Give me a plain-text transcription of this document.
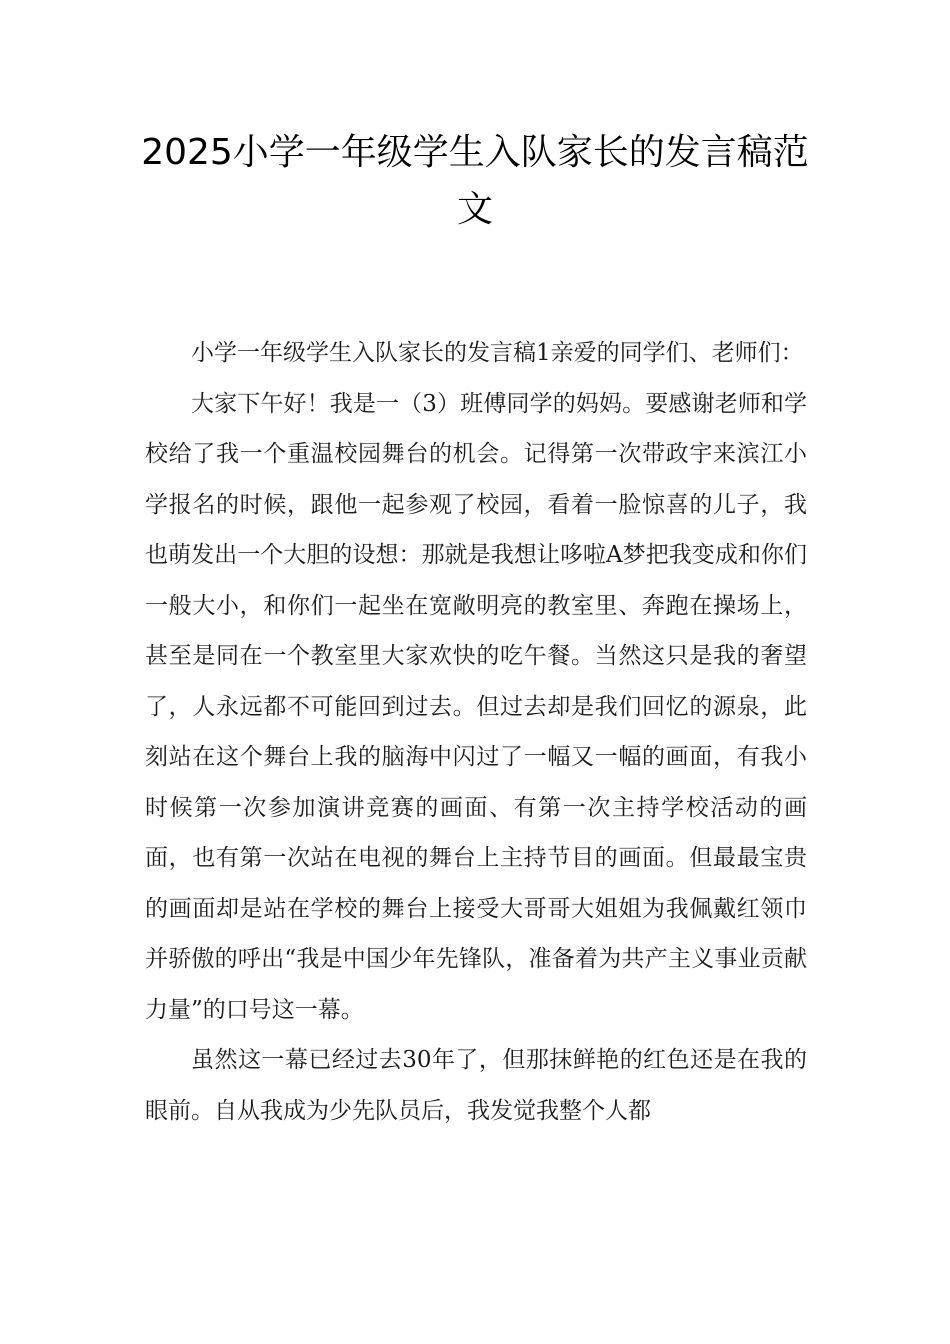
2025小学一年级学生入队家长的发言稿范文

小学一年级学生入队家长的发言稿1亲爱的同学们、老师们：

大家下午好！我是一（3）班傅同学的妈妈。要感谢老师和学校给了我一个重温校园舞台的机会。记得第一次带政宇来滨江小学报名的时候，跟他一起参观了校园，看着一脸惊喜的儿子，我也萌发出一个大胆的设想：那就是我想让哆啦A梦把我变成和你们一般大小，和你们一起坐在宽敞明亮的教室里、奔跑在操场上，甚至是同在一个教室里大家欢快的吃午餐。当然这只是我的奢望了，人永远都不可能回到过去。但过去却是我们回忆的源泉，此刻站在这个舞台上我的脑海中闪过了一幅又一幅的画面，有我小时候第一次参加演讲竞赛的画面、有第一次主持学校活动的画面，也有第一次站在电视的舞台上主持节目的画面。但最最宝贵的画面却是站在学校的舞台上接受大哥哥大姐姐为我佩戴红领巾并骄傲的呼出“我是中国少年先锋队，准备着为共产主义事业贡献力量”的口号这一幕。

虽然这一幕已经过去30年了，但那抹鲜艳的红色还是在我的眼前。自从我成为少先队员后，我发觉我整个人都
